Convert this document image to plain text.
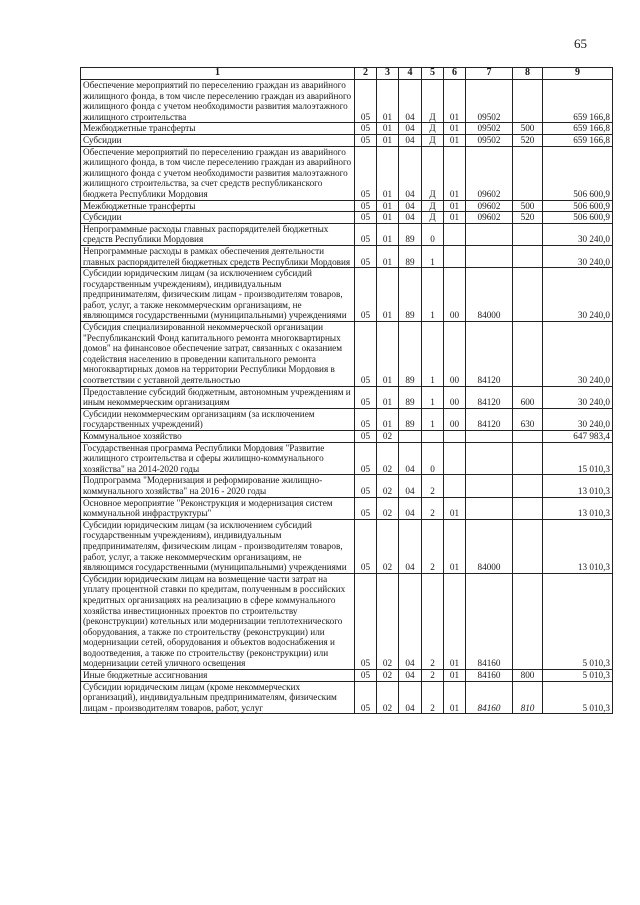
65
1	2	3	4	5	6	7	8	9
Обеспечение мероприятий по переселению граждан из аварийного жилищного фонда, в том числе переселению граждан из аварийного жилищного фонда с учетом необходимости развития малоэтажного жилищного строительства	05	01	04	Д	01	09502		659 166,8
Межбюджетные трансферты	05	01	04	Д	01	09502	500	659 166,8
Субсидии	05	01	04	Д	01	09502	520	659 166,8
Обеспечение мероприятий по переселению граждан из аварийного жилищного фонда, в том числе переселению граждан из аварийного жилищного фонда с учетом необходимости развития малоэтажного жилищного строительства, за счет средств республиканского бюджета Республики Мордовия	05	01	04	Д	01	09602		506 600,9
Межбюджетные трансферты	05	01	04	Д	01	09602	500	506 600,9
Субсидии	05	01	04	Д	01	09602	520	506 600,9
Непрограммные расходы главных распорядителей бюджетных средств Республики Мордовия	05	01	89	0				30 240,0
Непрограммные расходы в рамках обеспечения деятельности главных распорядителей бюджетных средств Республики Мордовия	05	01	89	1				30 240,0
Субсидии юридическим лицам (за исключением субсидий государственным учреждениям), индивидуальным предпринимателям, физическим лицам - производителям товаров, работ, услуг, а также некоммерческим организациям, не являющимся государственными (муниципальными) учреждениями	05	01	89	1	00	84000		30 240,0
Субсидия специализированной некоммерческой организации "Республиканский Фонд капитального ремонта многоквартирных домов" на финансовое обеспечение затрат, связанных с оказанием содействия населению в проведении капитального ремонта многоквартирных домов на территории Республики Мордовия в соответствии с уставной деятельностью	05	01	89	1	00	84120		30 240,0
Предоставление субсидий бюджетным, автономным учреждениям и иным некоммерческим организациям	05	01	89	1	00	84120	600	30 240,0
Субсидии некоммерческим организациям (за исключением государственных учреждений)	05	01	89	1	00	84120	630	30 240,0
Коммунальное хозяйство	05	02						647 983,4
Государственная программа Республики Мордовия "Развитие жилищного строительства и сферы жилищно-коммунального хозяйства" на 2014-2020 годы	05	02	04	0				15 010,3
Подпрограмма "Модернизация и реформирование жилищно-коммунального хозяйства" на 2016 - 2020 годы	05	02	04	2				13 010,3
Основное мероприятие "Реконструкция и модернизация систем коммунальной инфраструктуры"	05	02	04	2	01			13 010,3
Субсидии юридическим лицам (за исключением субсидий государственным учреждениям), индивидуальным предпринимателям, физическим лицам - производителям товаров, работ, услуг, а также некоммерческим организациям, не являющимся государственными (муниципальными) учреждениями	05	02	04	2	01	84000		13 010,3
Субсидии юридическим лицам на возмещение части затрат на уплату процентной ставки по кредитам, полученным в российских кредитных организациях на реализацию в сфере коммунального хозяйства инвестиционных проектов по строительству (реконструкции) котельных или модернизации теплотехнического оборудования, а также по строительству (реконструкции) или модернизации сетей, оборудования и объектов водоснабжения и водоотведения, а также по строительству (реконструкции) или модернизации сетей уличного освещения	05	02	04	2	01	84160		5 010,3
Иные бюджетные ассигнования	05	02	04	2	01	84160	800	5 010,3
Субсидии юридическим лицам (кроме некоммерческих организаций), индивидуальным предпринимателям, физическим лицам - производителям товаров, работ, услуг	05	02	04	2	01	84160	810	5 010,3
